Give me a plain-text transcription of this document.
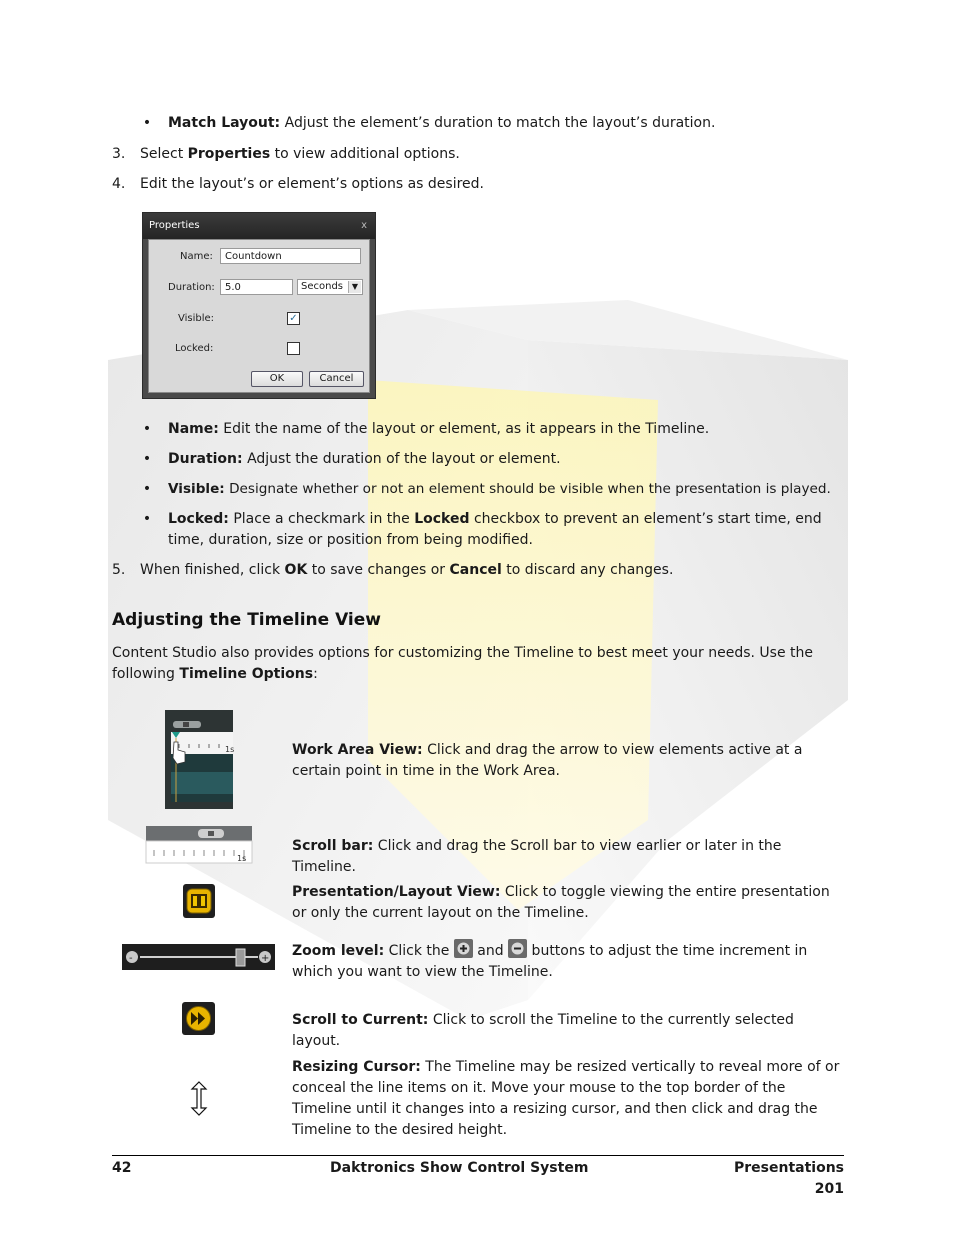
• Match Layout: Adjust the element’s duration to match the layout’s duration.
3. Select Properties to view additional options.
4. Edit the layout’s or element’s options as desired.
Properties	x
Name:	Countdown
Duration:	5.0	Seconds	▼
Visible:	✓
Locked:
OK	Cancel
• Name: Edit the name of the layout or element, as it appears in the Timeline.
• Duration: Adjust the duration of the layout or element.
• Visible: Designate whether or not an element should be visible when the presentation is played.
• Locked: Place a checkmark in the Locked checkbox to prevent an element’s start time, end time, duration, size or position from being modified.
5. When finished, click OK to save changes or Cancel to discard any changes.
Adjusting the Timeline View
Content Studio also provides options for customizing the Timeline to best meet your needs. Use the following Timeline Options:
1s
1s
-	+
Work Area View: Click and drag the arrow to view elements active at a certain point in time in the Work Area.
Scroll bar: Click and drag the Scroll bar to view earlier or later in the Timeline.
Presentation/Layout View: Click to toggle viewing the entire presentation or only the current layout on the Timeline.
Zoom level: Click the  and  buttons to adjust the time increment in which you want to view the Timeline.
Scroll to Current: Click to scroll the Timeline to the currently selected layout.
Resizing Cursor: The Timeline may be resized vertically to reveal more of or conceal the line items on it. Move your mouse to the top border of the Timeline until it changes into a resizing cursor, and then click and drag the Timeline to the desired height.
42	Daktronics Show Control System	Presentations 201
